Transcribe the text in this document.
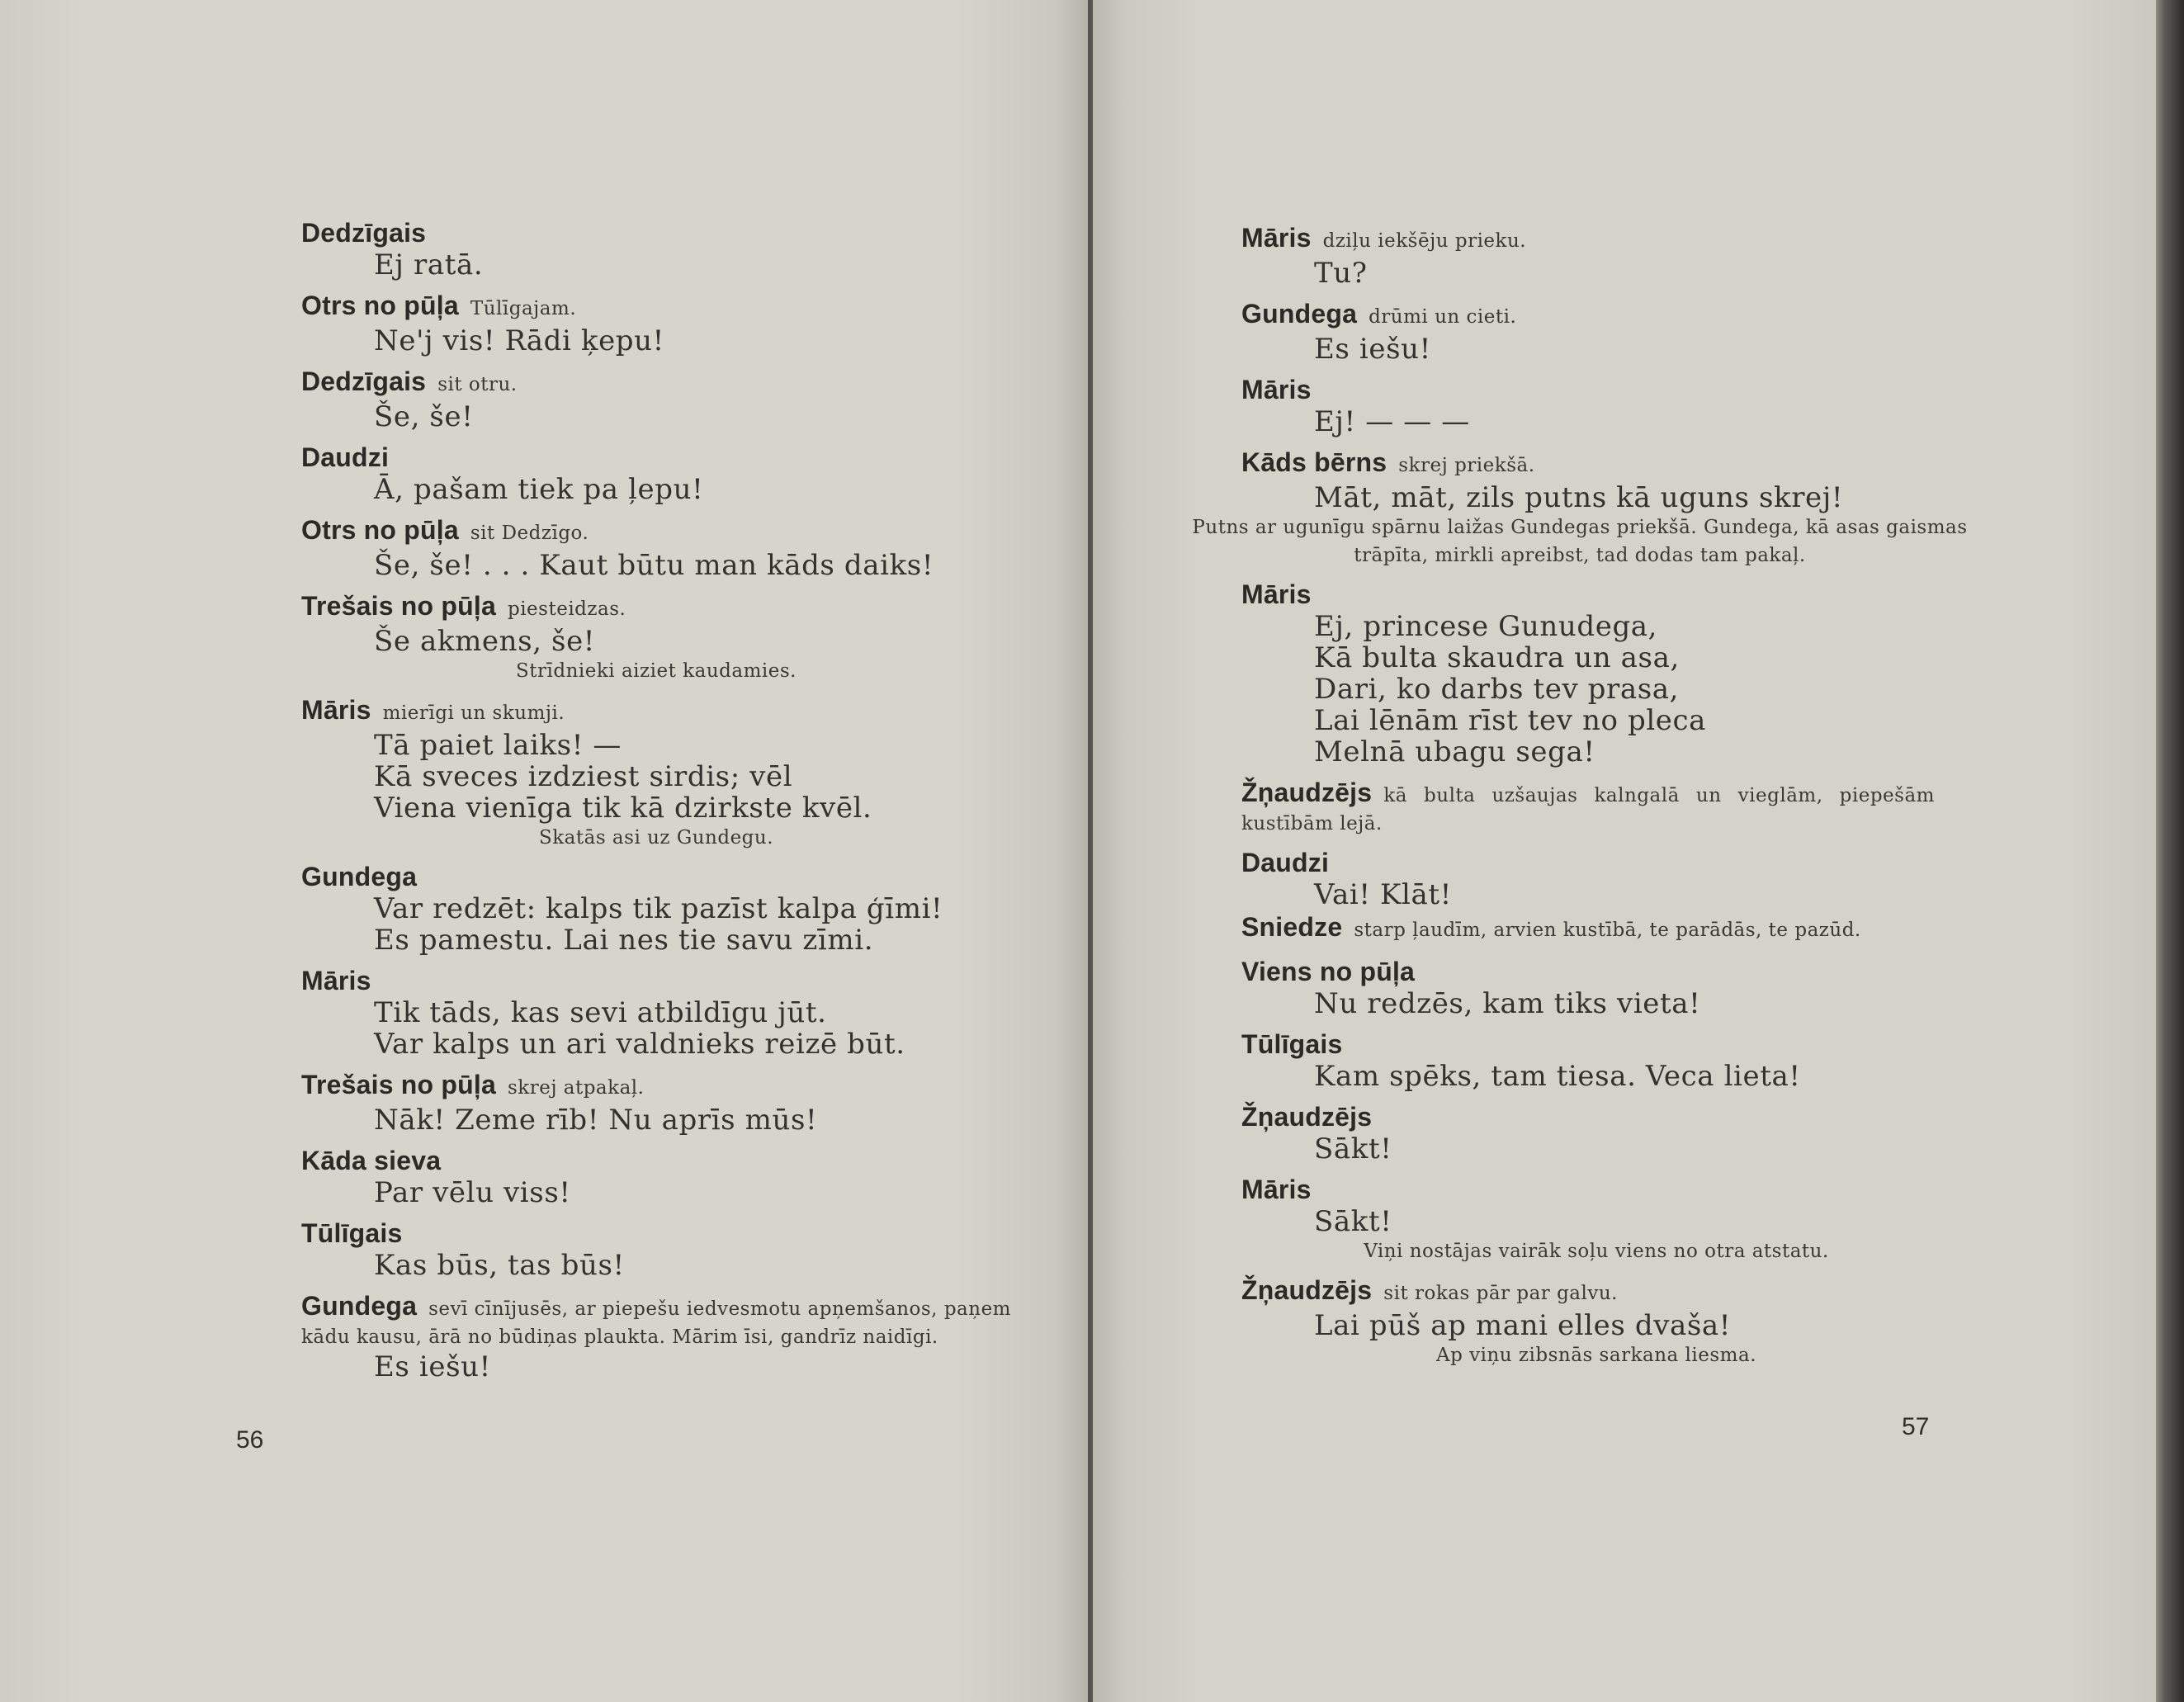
Dedzīgais
Ej ratā.
Otrs no pūļa Tūlīgajam.
Ne'j vis! Rādi ķepu!
Dedzīgais sit otru.
Še, še!
Daudzi
Ā, pašam tiek pa ļepu!
Otrs no pūļa sit Dedzīgo.
Še, še! . . . Kaut būtu man kāds daiks!
Trešais no pūļa piesteidzas.
Še akmens, še!
Strīdnieki aiziet kaudamies.
Māris mierīgi un skumji.
Tā paiet laiks! —
Kā sveces izdziest sirdis; vēl
Viena vienīga tik kā dzirkste kvēl.
Skatās asi uz Gundegu.
Gundega
Var redzēt: kalps tik pazīst kalpa ģīmi!
Es pamestu. Lai nes tie savu zīmi.
Māris
Tik tāds, kas sevi atbildīgu jūt.
Var kalps un ari valdnieks reizē būt.
Trešais no pūļa skrej atpakaļ.
Nāk! Zeme rīb! Nu aprīs mūs!
Kāda sieva
Par vēlu viss!
Tūlīgais
Kas būs, tas būs!
Gundega sevī cīnījusēs, ar piepešu iedvesmotu apņemšanos, paņem kādu kausu, ārā no būdiņas plaukta. Mārim īsi, gandrīz naidīgi.
Es iešu!
56
Māris dziļu iekšēju prieku.
Tu?
Gundega drūmi un cieti.
Es iešu!
Māris
Ej! — — —
Kāds bērns skrej priekšā.
Māt, māt, zils putns kā uguns skrej!
Putns ar ugunīgu spārnu laižas Gundegas priekšā. Gundega, kā asas gaismas trāpīta, mirkli apreibst, tad dodas tam pakaļ.
Māris
Ej, princese Gunudega,
Kā bulta skaudra un asa,
Dari, ko darbs tev prasa,
Lai lēnām rīst tev no pleca
Melnā ubagu sega!
Žņaudzējs kā bulta uzšaujas kalngalā un vieglām, piepešām kustībām lejā.
Daudzi
Vai! Klāt!
Sniedze starp ļaudīm, arvien kustībā, te parādās, te pazūd.
Viens no pūļa
Nu redzēs, kam tiks vieta!
Tūlīgais
Kam spēks, tam tiesa. Veca lieta!
Žņaudzējs
Sākt!
Māris
Sākt!
Viņi nostājas vairāk soļu viens no otra atstatu.
Žņaudzējs sit rokas pār par galvu.
Lai pūš ap mani elles dvaša!
Ap viņu zibsnās sarkana liesma.
57
